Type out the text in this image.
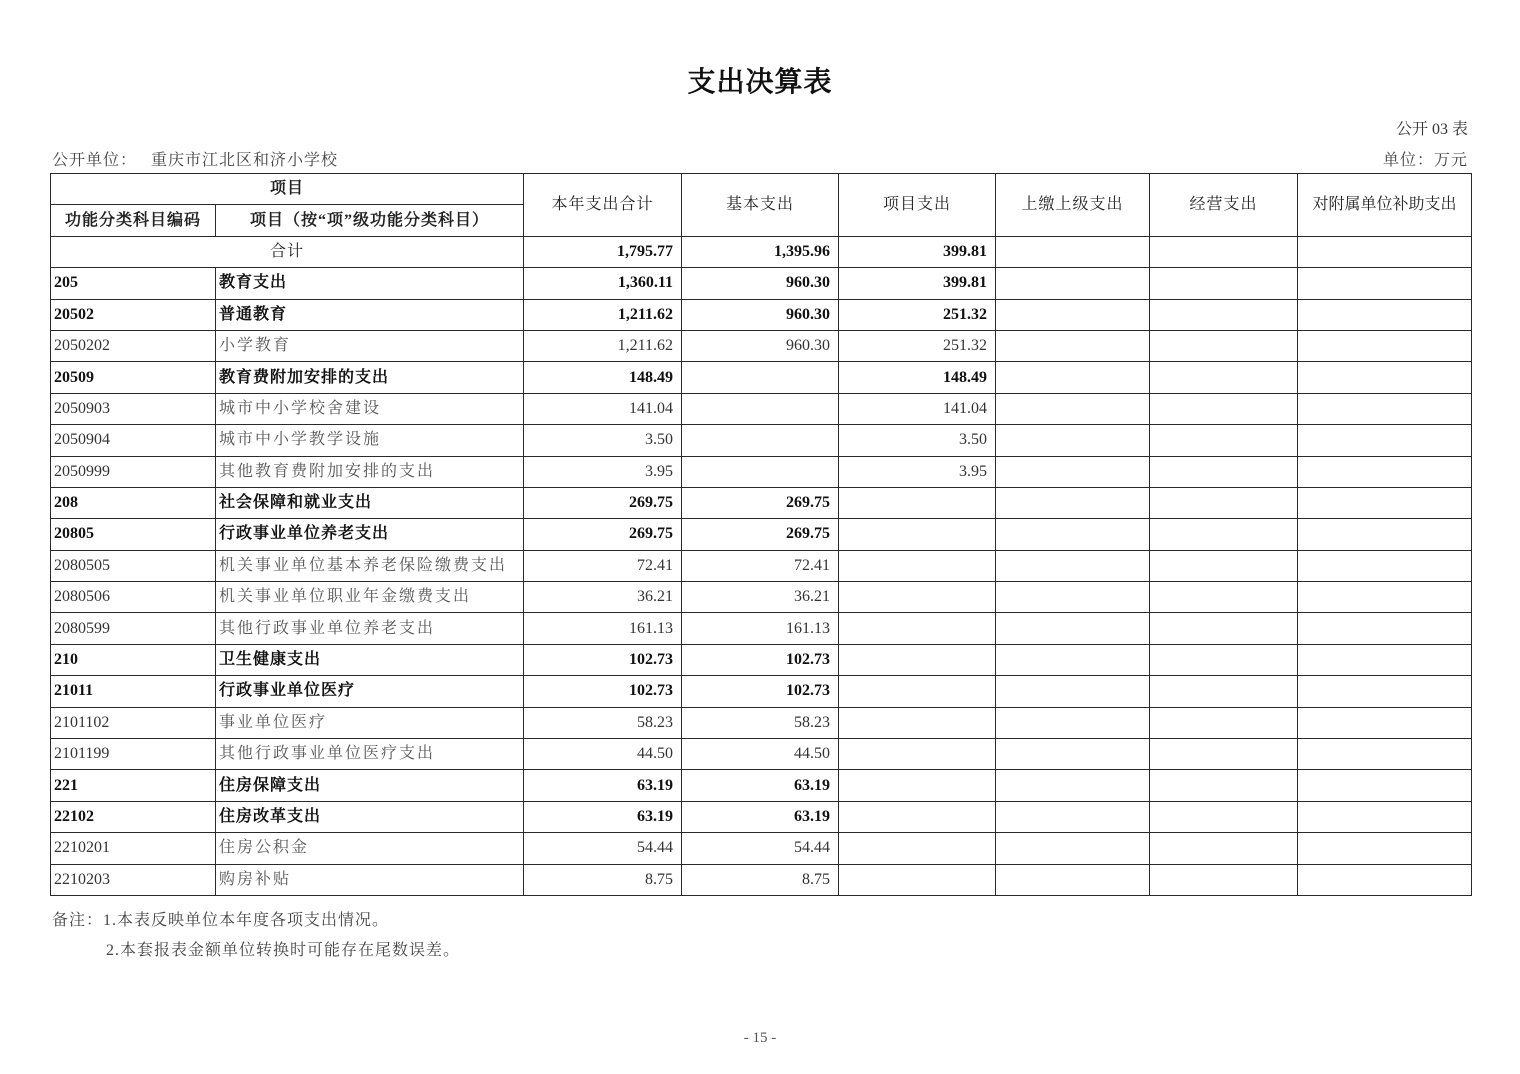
支出决算表
公开 03 表
公开单位： 重庆市江北区和济小学校	单位：万元
项目		本年支出合计	基本支出	项目支出	上缴上级支出	经营支出	对附属单位补助支出
功能分类科目编码	项目（按“项”级功能分类科目）						
合计		1,795.77	1,395.96	399.81			
205	教育支出	1,360.11	960.30	399.81			
20502	普通教育	1,211.62	960.30	251.32			
2050202	小学教育	1,211.62	960.30	251.32			
20509	教育费附加安排的支出	148.49		148.49			
2050903	城市中小学校舍建设	141.04		141.04			
2050904	城市中小学教学设施	3.50		3.50			
2050999	其他教育费附加安排的支出	3.95		3.95			
208	社会保障和就业支出	269.75	269.75				
20805	行政事业单位养老支出	269.75	269.75				
2080505	机关事业单位基本养老保险缴费支出	72.41	72.41				
2080506	机关事业单位职业年金缴费支出	36.21	36.21				
2080599	其他行政事业单位养老支出	161.13	161.13				
210	卫生健康支出	102.73	102.73				
21011	行政事业单位医疗	102.73	102.73				
2101102	事业单位医疗	58.23	58.23				
2101199	其他行政事业单位医疗支出	44.50	44.50				
221	住房保障支出	63.19	63.19				
22102	住房改革支出	63.19	63.19				
2210201	住房公积金	54.44	54.44				
2210203	购房补贴	8.75	8.75				
备注：1.本表反映单位本年度各项支出情况。
2.本套报表金额单位转换时可能存在尾数误差。
- 15 -
